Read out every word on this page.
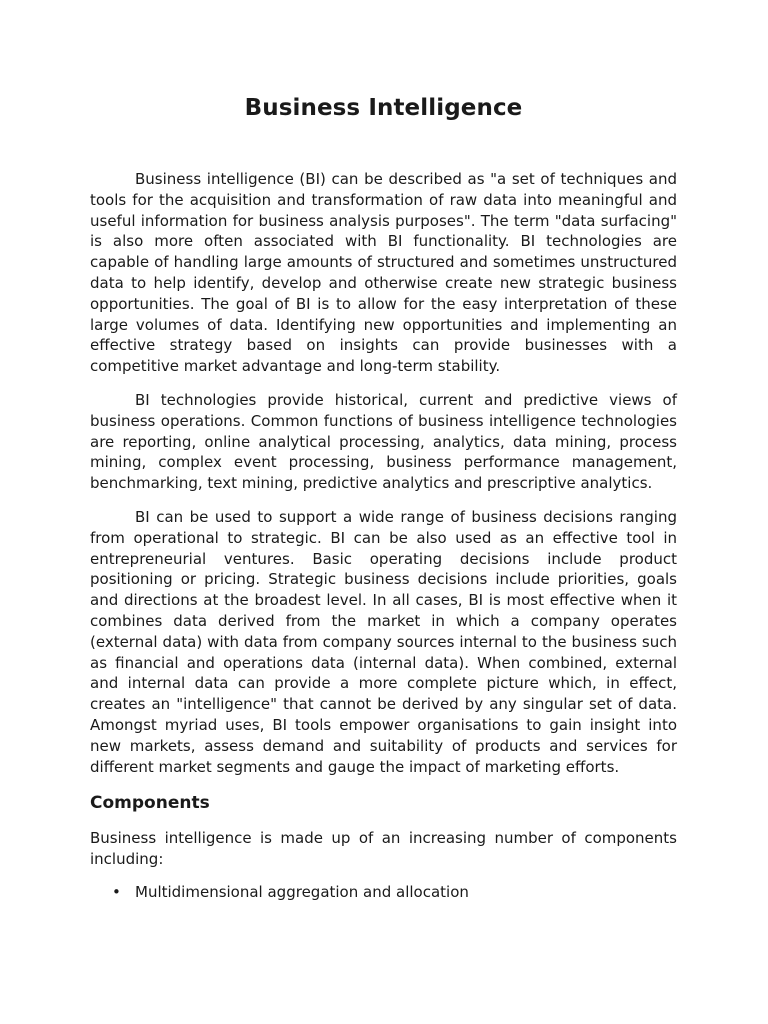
Business Intelligence

Business intelligence (BI) can be described as "a set of techniques and tools for the acquisition and transformation of raw data into meaningful and useful information for business analysis purposes". The term "data surfacing" is also more often associated with BI functionality. BI technologies are capable of handling large amounts of structured and sometimes unstructured data to help identify, develop and otherwise create new strategic business opportunities. The goal of BI is to allow for the easy interpretation of these large volumes of data. Identifying new opportunities and implementing an effective strategy based on insights can provide businesses with a competitive market advantage and long-term stability.

BI technologies provide historical, current and predictive views of business operations. Common functions of business intelligence technologies are reporting, online analytical processing, analytics, data mining, process mining, complex event processing, business performance management, benchmarking, text mining, predictive analytics and prescriptive analytics.

BI can be used to support a wide range of business decisions ranging from operational to strategic. BI can be also used as an effective tool in entrepreneurial ventures. Basic operating decisions include product positioning or pricing. Strategic business decisions include priorities, goals and directions at the broadest level. In all cases, BI is most effective when it combines data derived from the market in which a company operates (external data) with data from company sources internal to the business such as financial and operations data (internal data). When combined, external and internal data can provide a more complete picture which, in effect, creates an "intelligence" that cannot be derived by any singular set of data. Amongst myriad uses, BI tools empower organisations to gain insight into new markets, assess demand and suitability of products and services for different market segments and gauge the impact of marketing efforts.

Components

Business intelligence is made up of an increasing number of components including:

• Multidimensional aggregation and allocation
